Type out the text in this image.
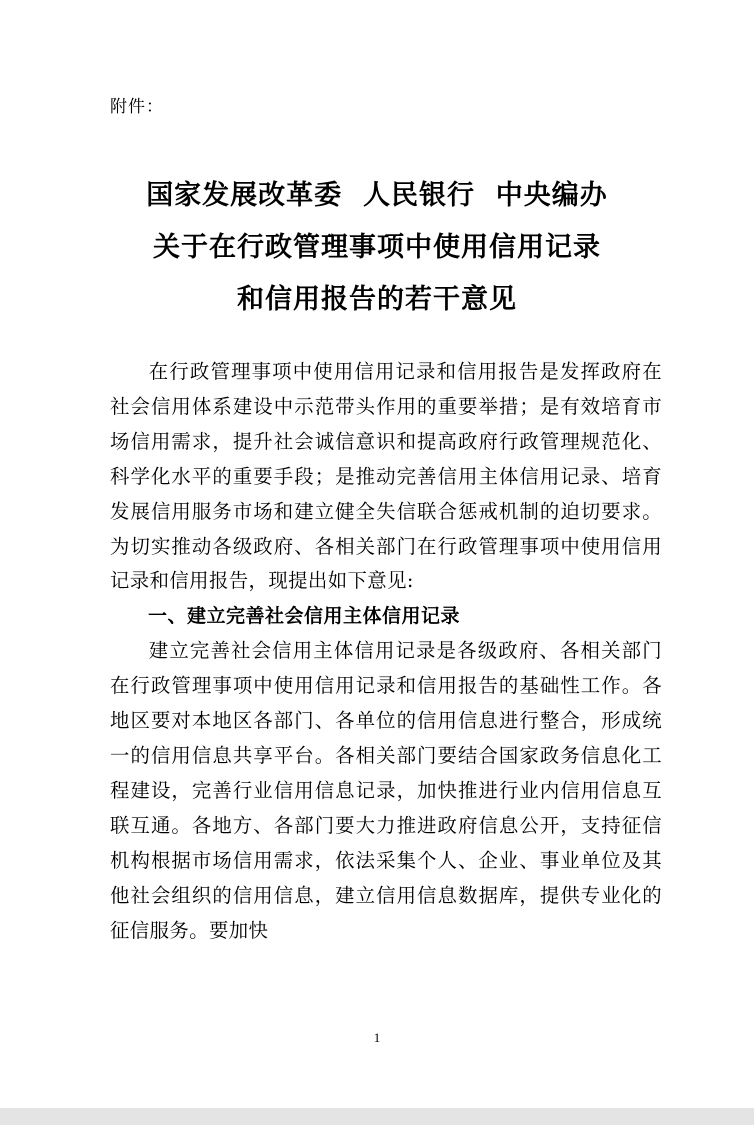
附件：
国家发展改革委  人民银行  中央编办
关于在行政管理事项中使用信用记录
和信用报告的若干意见

在行政管理事项中使用信用记录和信用报告是发挥政府在社会信用体系建设中示范带头作用的重要举措；是有效培育市场信用需求，提升社会诚信意识和提高政府行政管理规范化、科学化水平的重要手段；是推动完善信用主体信用记录、培育发展信用服务市场和建立健全失信联合惩戒机制的迫切要求。为切实推动各级政府、各相关部门在行政管理事项中使用信用记录和信用报告，现提出如下意见:

一、建立完善社会信用主体信用记录

建立完善社会信用主体信用记录是各级政府、各相关部门在行政管理事项中使用信用记录和信用报告的基础性工作。各地区要对本地区各部门、各单位的信用信息进行整合，形成统一的信用信息共享平台。各相关部门要结合国家政务信息化工程建设，完善行业信用信息记录，加快推进行业内信用信息互联互通。各地方、各部门要大力推进政府信息公开，支持征信机构根据市场信用需求，依法采集个人、企业、事业单位及其他社会组织的信用信息，建立信用信息数据库，提供专业化的征信服务。要加快

1
